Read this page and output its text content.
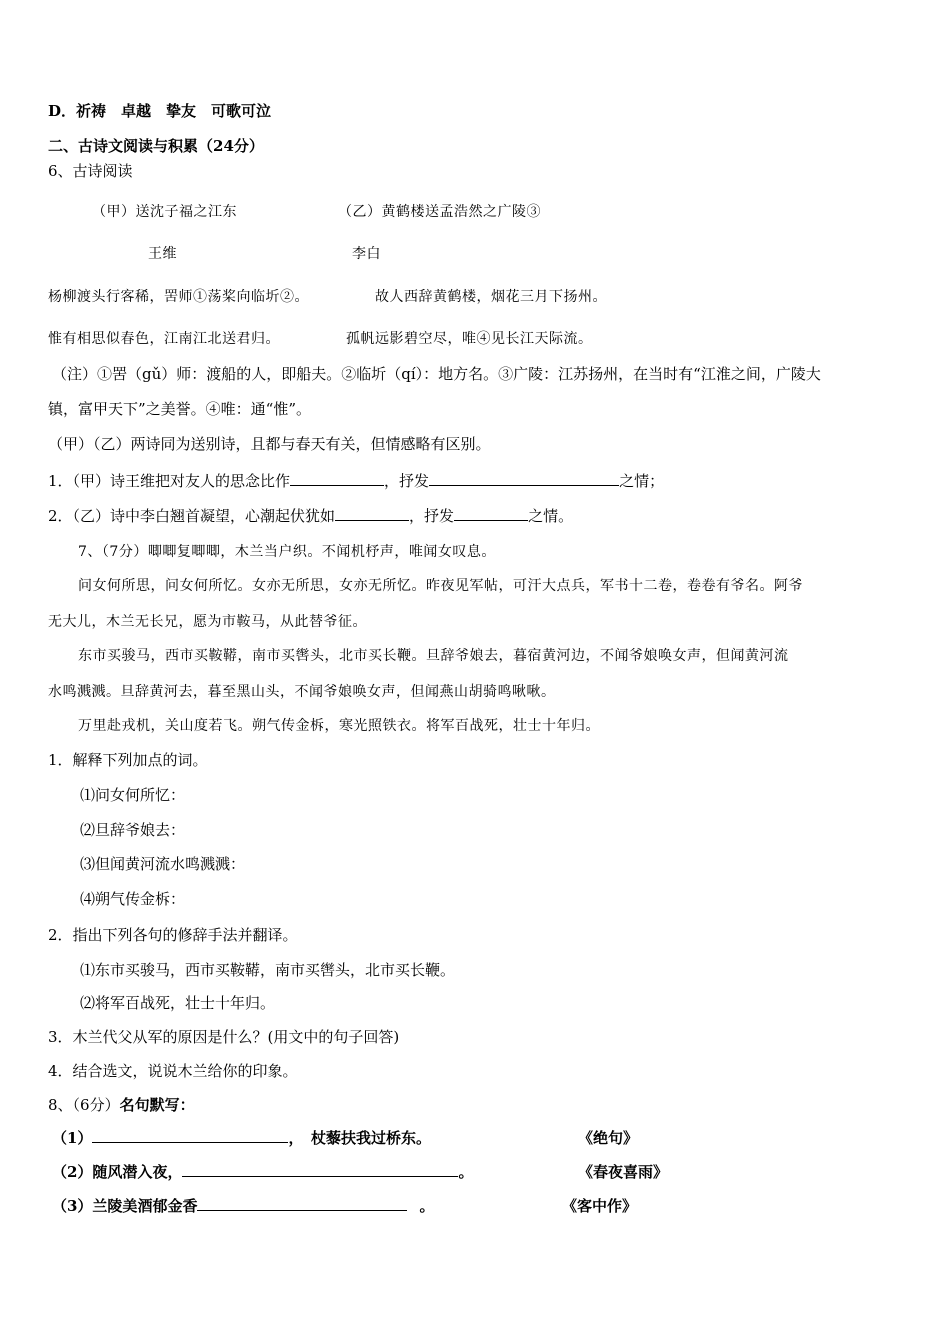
D．祈祷　卓越　挚友　可歌可泣
二、古诗文阅读与积累（24分）
6、古诗阅读
（甲）送沈子福之江东	（乙）黄鹤楼送孟浩然之广陵③
王维	李白
杨柳渡头行客稀，罟师①荡桨向临圻②。	故人西辞黄鹤楼，烟花三月下扬州。
惟有相思似春色，江南江北送君归。	孤帆远影碧空尽，唯④见长江天际流。
（注）①罟（gǔ）师：渡船的人，即船夫。②临圻（qí）：地方名。③广陵：江苏扬州，在当时有“江淮之间，广陵大
镇，富甲天下”之美誉。④唯：通“惟”。
（甲）（乙）两诗同为送别诗，且都与春天有关，但情感略有区别。
1．（甲）诗王维把对友人的思念比作	，抒发	之情；
2．（乙）诗中李白翘首凝望，心潮起伏犹如	，抒发	之情。
7、（7分）唧唧复唧唧，木兰当户织。不闻机杼声，唯闻女叹息。
问女何所思，问女何所忆。女亦无所思，女亦无所忆。昨夜见军帖，可汗大点兵，军书十二卷，卷卷有爷名。阿爷
无大儿，木兰无长兄，愿为市鞍马，从此替爷征。
东市买骏马，西市买鞍鞯，南市买辔头，北市买长鞭。旦辞爷娘去，暮宿黄河边，不闻爷娘唤女声，但闻黄河流
水鸣溅溅。旦辞黄河去，暮至黑山头，不闻爷娘唤女声，但闻燕山胡骑鸣啾啾。
万里赴戎机，关山度若飞。朔气传金柝，寒光照铁衣。将军百战死，壮士十年归。
1．解释下列加点的词。
⑴问女何所忆：
⑵旦辞爷娘去：
⑶但闻黄河流水鸣溅溅：
⑷朔气传金柝：
2．指出下列各句的修辞手法并翻译。
⑴东市买骏马，西市买鞍鞯，南市买辔头，北市买长鞭。
⑵将军百战死，壮士十年归。
3．木兰代父从军的原因是什么？(用文中的句子回答)
4．结合选文，说说木兰给你的印象。
8、（6分）名句默写：
（1）	，　杖藜扶我过桥东。	《绝句》
（2）随风潜入夜，	。	《春夜喜雨》
（3）兰陵美酒郁金香	。	《客中作》
